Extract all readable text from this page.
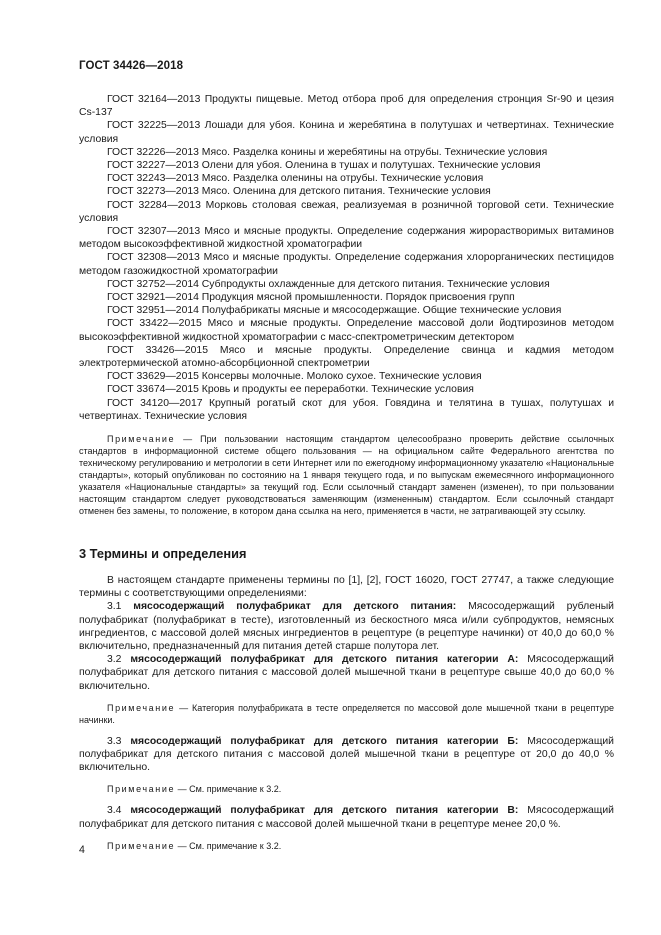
ГОСТ 34426—2018

ГОСТ 32164—2013 Продукты пищевые. Метод отбора проб для определения стронция Sr-90 и цезия Cs-137

ГОСТ 32225—2013 Лошади для убоя. Конина и жеребятина в полутушах и четвертинах. Технические условия

ГОСТ 32226—2013 Мясо. Разделка конины и жеребятины на отрубы. Технические условия

ГОСТ 32227—2013 Олени для убоя. Оленина в тушах и полутушах. Технические условия

ГОСТ 32243—2013 Мясо. Разделка оленины на отрубы. Технические условия

ГОСТ 32273—2013 Мясо. Оленина для детского питания. Технические условия

ГОСТ 32284—2013 Морковь столовая свежая, реализуемая в розничной торговой сети. Технические условия

ГОСТ 32307—2013 Мясо и мясные продукты. Определение содержания жирорастворимых витаминов методом высокоэффективной жидкостной хроматографии

ГОСТ 32308—2013 Мясо и мясные продукты. Определение содержания хлорорганических пестицидов методом газожидкостной хроматографии

ГОСТ 32752—2014 Субпродукты охлажденные для детского питания. Технические условия

ГОСТ 32921—2014 Продукция мясной промышленности. Порядок присвоения групп

ГОСТ 32951—2014 Полуфабрикаты мясные и мясосодержащие. Общие технические условия

ГОСТ 33422—2015 Мясо и мясные продукты. Определение массовой доли йодтирозинов методом высокоэффективной жидкостной хроматографии с масс-спектрометрическим детектором

ГОСТ 33426—2015 Мясо и мясные продукты. Определение свинца и кадмия методом электротермической атомно-абсорбционной спектрометрии

ГОСТ 33629—2015 Консервы молочные. Молоко сухое. Технические условия

ГОСТ 33674—2015 Кровь и продукты ее переработки. Технические условия

ГОСТ 34120—2017 Крупный рогатый скот для убоя. Говядина и телятина в тушах, полутушах и четвертинах. Технические условия

Примечание — При пользовании настоящим стандартом целесообразно проверить действие ссылочных стандартов в информационной системе общего пользования — на официальном сайте Федерального агентства по техническому регулированию и метрологии в сети Интернет или по ежегодному информационному указателю «Национальные стандарты», который опубликован по состоянию на 1 января текущего года, и по выпускам ежемесячного информационного указателя «Национальные стандарты» за текущий год. Если ссылочный стандарт заменен (изменен), то при пользовании настоящим стандартом следует руководствоваться заменяющим (измененным) стандартом. Если ссылочный стандарт отменен без замены, то положение, в котором дана ссылка на него, применяется в части, не затрагивающей эту ссылку.

3 Термины и определения

В настоящем стандарте применены термины по [1], [2], ГОСТ 16020, ГОСТ 27747, а также следующие термины с соответствующими определениями:

3.1 мясосодержащий полуфабрикат для детского питания: Мясосодержащий рубленый полуфабрикат (полуфабрикат в тесте), изготовленный из бескостного мяса и/или субпродуктов, немясных ингредиентов, с массовой долей мясных ингредиентов в рецептуре (в рецептуре начинки) от 40,0 до 60,0 % включительно, предназначенный для питания детей старше полутора лет.

3.2 мясосодержащий полуфабрикат для детского питания категории А: Мясосодержащий полуфабрикат для детского питания с массовой долей мышечной ткани в рецептуре свыше 40,0 до 60,0 % включительно.

Примечание — Категория полуфабриката в тесте определяется по массовой доле мышечной ткани в рецептуре начинки.

3.3 мясосодержащий полуфабрикат для детского питания категории Б: Мясосодержащий полуфабрикат для детского питания с массовой долей мышечной ткани в рецептуре от 20,0 до 40,0 % включительно.

Примечание — См. примечание к 3.2.

3.4 мясосодержащий полуфабрикат для детского питания категории В: Мясосодержащий полуфабрикат для детского питания с массовой долей мышечной ткани в рецептуре менее 20,0 %.

Примечание — См. примечание к 3.2.

4
